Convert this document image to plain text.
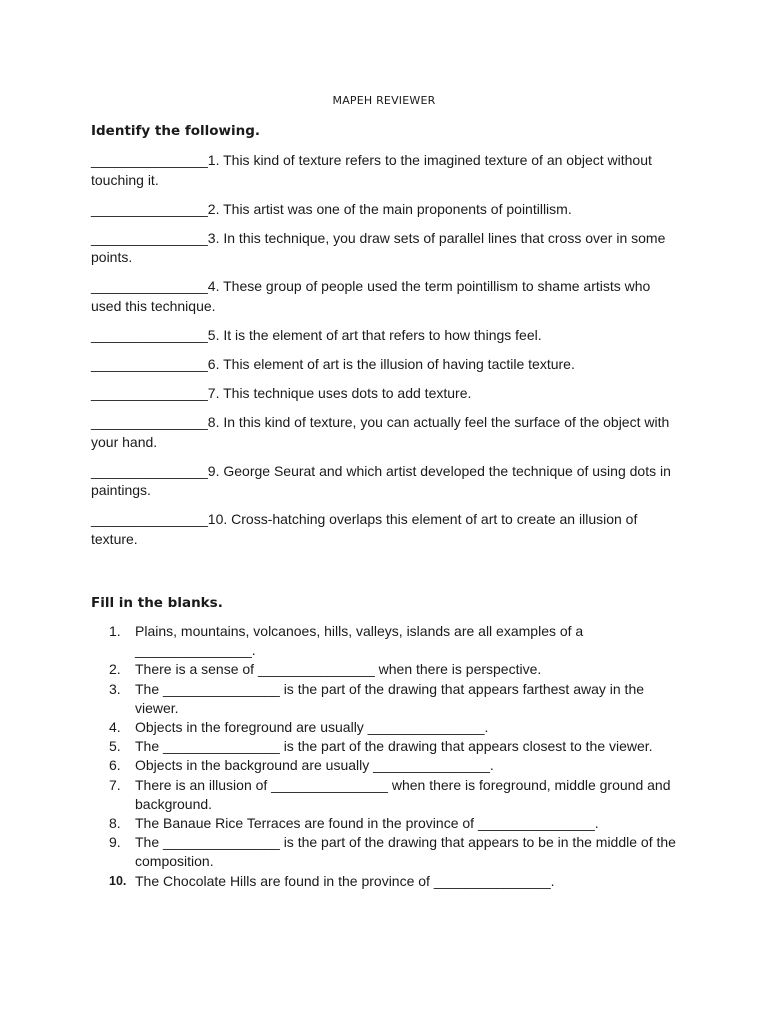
MAPEH REVIEWER
Identify the following.
_______________1. This kind of texture refers to the imagined texture of an object without touching it.
_______________2. This artist was one of the main proponents of pointillism.
_______________3. In this technique, you draw sets of parallel lines that cross over in some points.
_______________4. These group of people used the term pointillism to shame artists who used this technique.
_______________5. It is the element of art that refers to how things feel.
_______________6. This element of art is the illusion of having tactile texture.
_______________7. This technique uses dots to add texture.
_______________8. In this kind of texture, you can actually feel the surface of the object with your hand.
_______________9. George Seurat and which artist developed the technique of using dots in paintings.
_______________10. Cross-hatching overlaps this element of art to create an illusion of texture.
Fill in the blanks.
1.	Plains, mountains, volcanoes, hills, valleys, islands are all examples of a _______________.
2.	There is a sense of _______________ when there is perspective.
3.	The _______________ is the part of the drawing that appears farthest away in the viewer.
4.	Objects in the foreground are usually _______________.
5.	The _______________ is the part of the drawing that appears closest to the viewer.
6.	Objects in the background are usually _______________.
7.	There is an illusion of _______________ when there is foreground, middle ground and background.
8.	The Banaue Rice Terraces are found in the province of _______________.
9.	The _______________ is the part of the drawing that appears to be in the middle of the composition.
10. The Chocolate Hills are found in the province of _______________.
